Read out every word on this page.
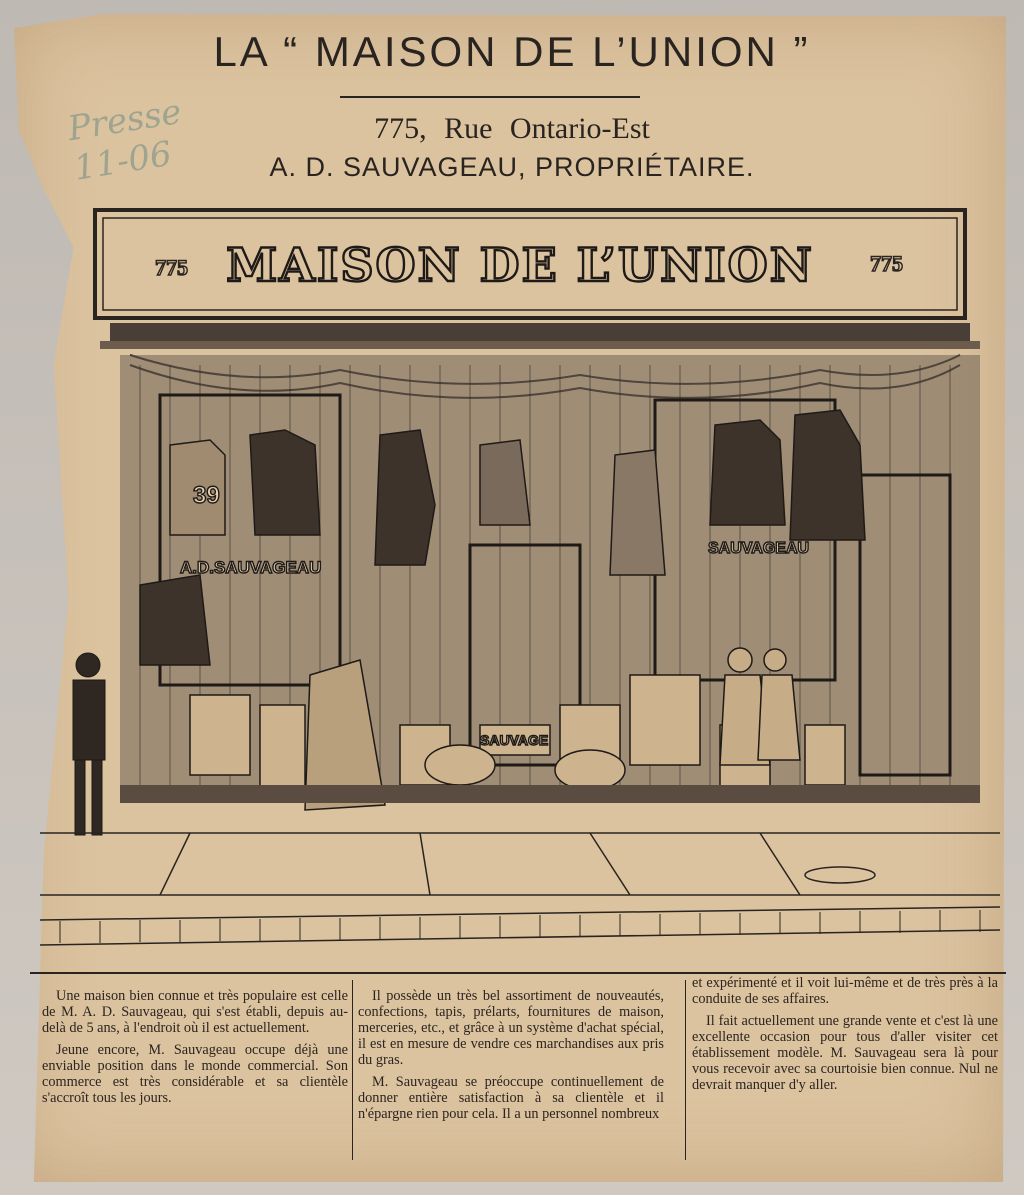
LA “ MAISON DE L’UNION ”
775, Rue Ontario-Est
A. D. SAUVAGEAU, PROPRIÉTAIRE.
Presse
11-06
775 MAISON DE L’UNION	775
39
A.D.SAUVAGEAU
SAUVAGEAU
SAUVAGE

Une maison bien connue et très populaire est celle de M. A. D. Sauvageau, qui s'est établi, depuis au-delà de 5 ans, à l'endroit où il est actuellement.

Jeune encore, M. Sauvageau occupe déjà une enviable position dans le monde commercial. Son commerce est très considérable et sa clientèle s'accroît tous les jours.

Il possède un très bel assortiment de nouveautés, confections, tapis, prélarts, fournitures de maison, merceries, etc., et grâce à un système d'achat spécial, il est en mesure de vendre ces marchandises aux pris du gras.

M. Sauvageau se préoccupe continuellement de donner entière satisfaction à sa clientèle et il n'épargne rien pour cela. Il a un personnel nombreux

et expérimenté et il voit lui-même et de très près à la conduite de ses affaires.

Il fait actuellement une grande vente et c'est là une excellente occasion pour tous d'aller visiter cet établissement modèle. M. Sauvageau sera là pour vous recevoir avec sa courtoisie bien connue. Nul ne devrait manquer d'y aller.
